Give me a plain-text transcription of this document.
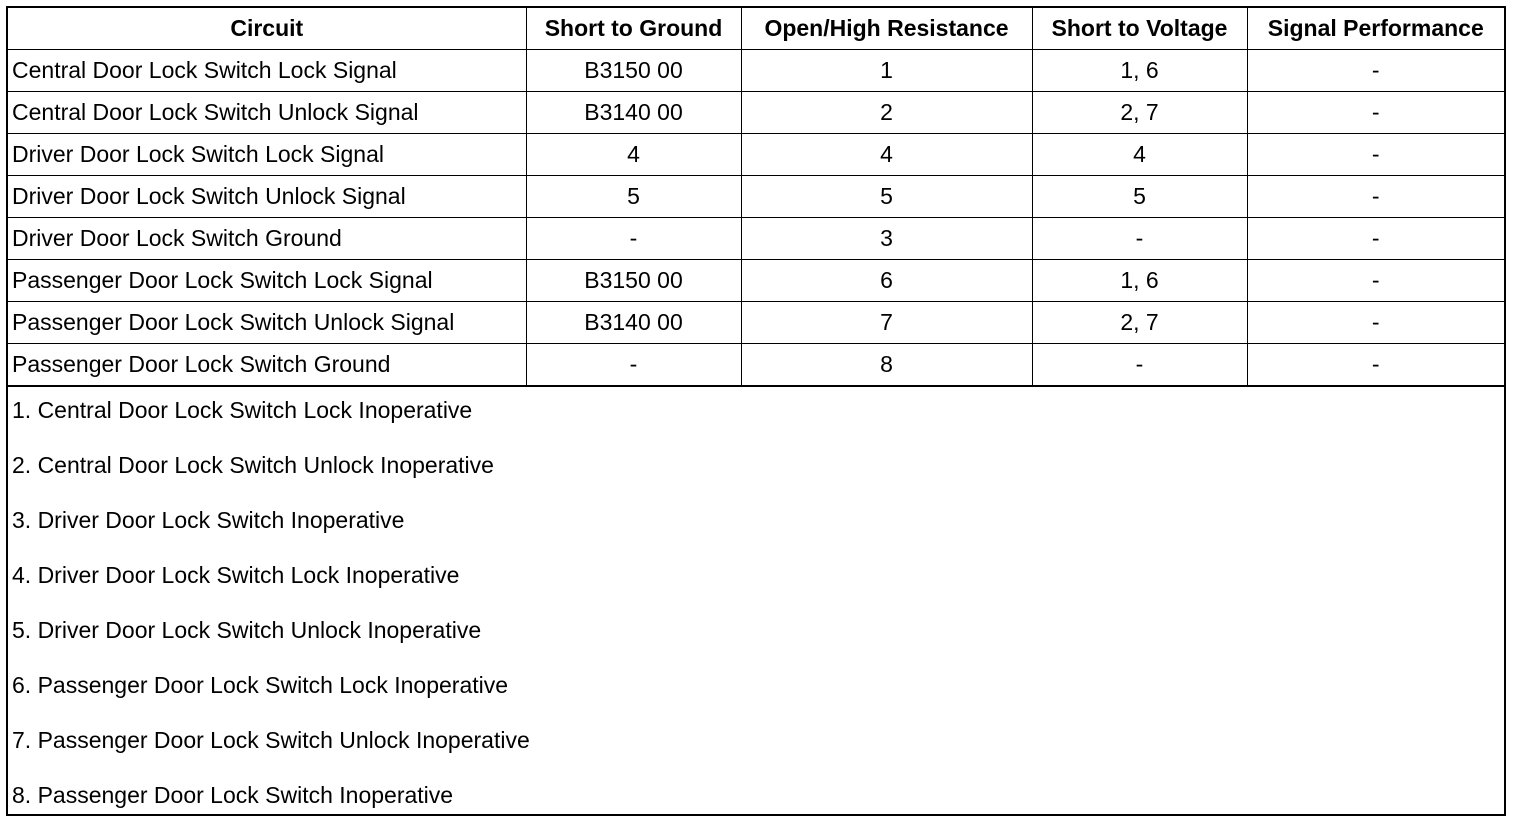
Circuit	Short to Ground	Open/High Resistance	Short to Voltage	Signal Performance
Central Door Lock Switch Lock Signal	B3150 00	1	1, 6	-
Central Door Lock Switch Unlock Signal	B3140 00	2	2, 7	-
Driver Door Lock Switch Lock Signal	4	4	4	-
Driver Door Lock Switch Unlock Signal	5	5	5	-
Driver Door Lock Switch Ground	-	3	-	-
Passenger Door Lock Switch Lock Signal	B3150 00	6	1, 6	-
Passenger Door Lock Switch Unlock Signal	B3140 00	7	2, 7	-
Passenger Door Lock Switch Ground	-	8	-	-
1. Central Door Lock Switch Lock Inoperative
2. Central Door Lock Switch Unlock Inoperative
3. Driver Door Lock Switch Inoperative
4. Driver Door Lock Switch Lock Inoperative
5. Driver Door Lock Switch Unlock Inoperative
6. Passenger Door Lock Switch Lock Inoperative
7. Passenger Door Lock Switch Unlock Inoperative
8. Passenger Door Lock Switch Inoperative
